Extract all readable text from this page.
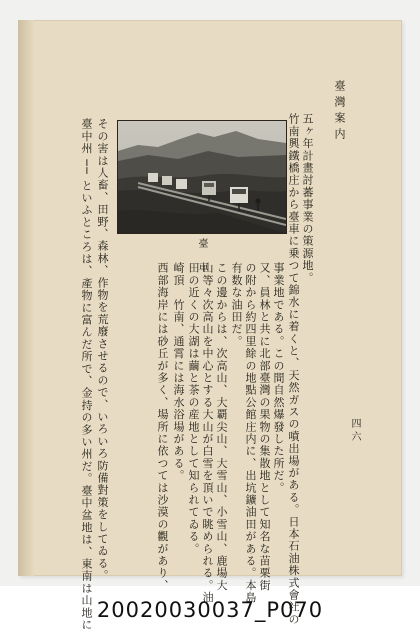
臺灣案内
四六
五ヶ年計畫討蕃事業の策源地。
竹南興鐵橋庄から臺車に乗つて錦水に着くと、天然ガスの噴出場がある。日本石油株式會社の
事業地である。この間自然爆發した所だ。
又、員林と共に北部臺灣の果物の集散地として知名な苗栗街
の附から約四里餘の地點公館庄内に、出坑鑛油田がある。本島
有数な油田だ。
この邊からは、次高山、大覇尖山、大雪山、小雪山、鹿場大
山等々次高山を中心とする大山が白雪を頂いで眺められる。油
田の近くの大湖は繭と茶の産地として知られてゐる。
崎頂　竹南、通霄には海水浴場がある。
西部海岸には砂丘が多く、場所に依つては沙漠の觀があり、
その害は人畜、田野、森林、作物を荒廢させるので、いろいろ防備對策をしてゐる。
臺中州 ── といふところは、產物に富んだ所で、金持の多い州だ。臺中盆地は、東南は山地に	臺車
20020030037_P070
